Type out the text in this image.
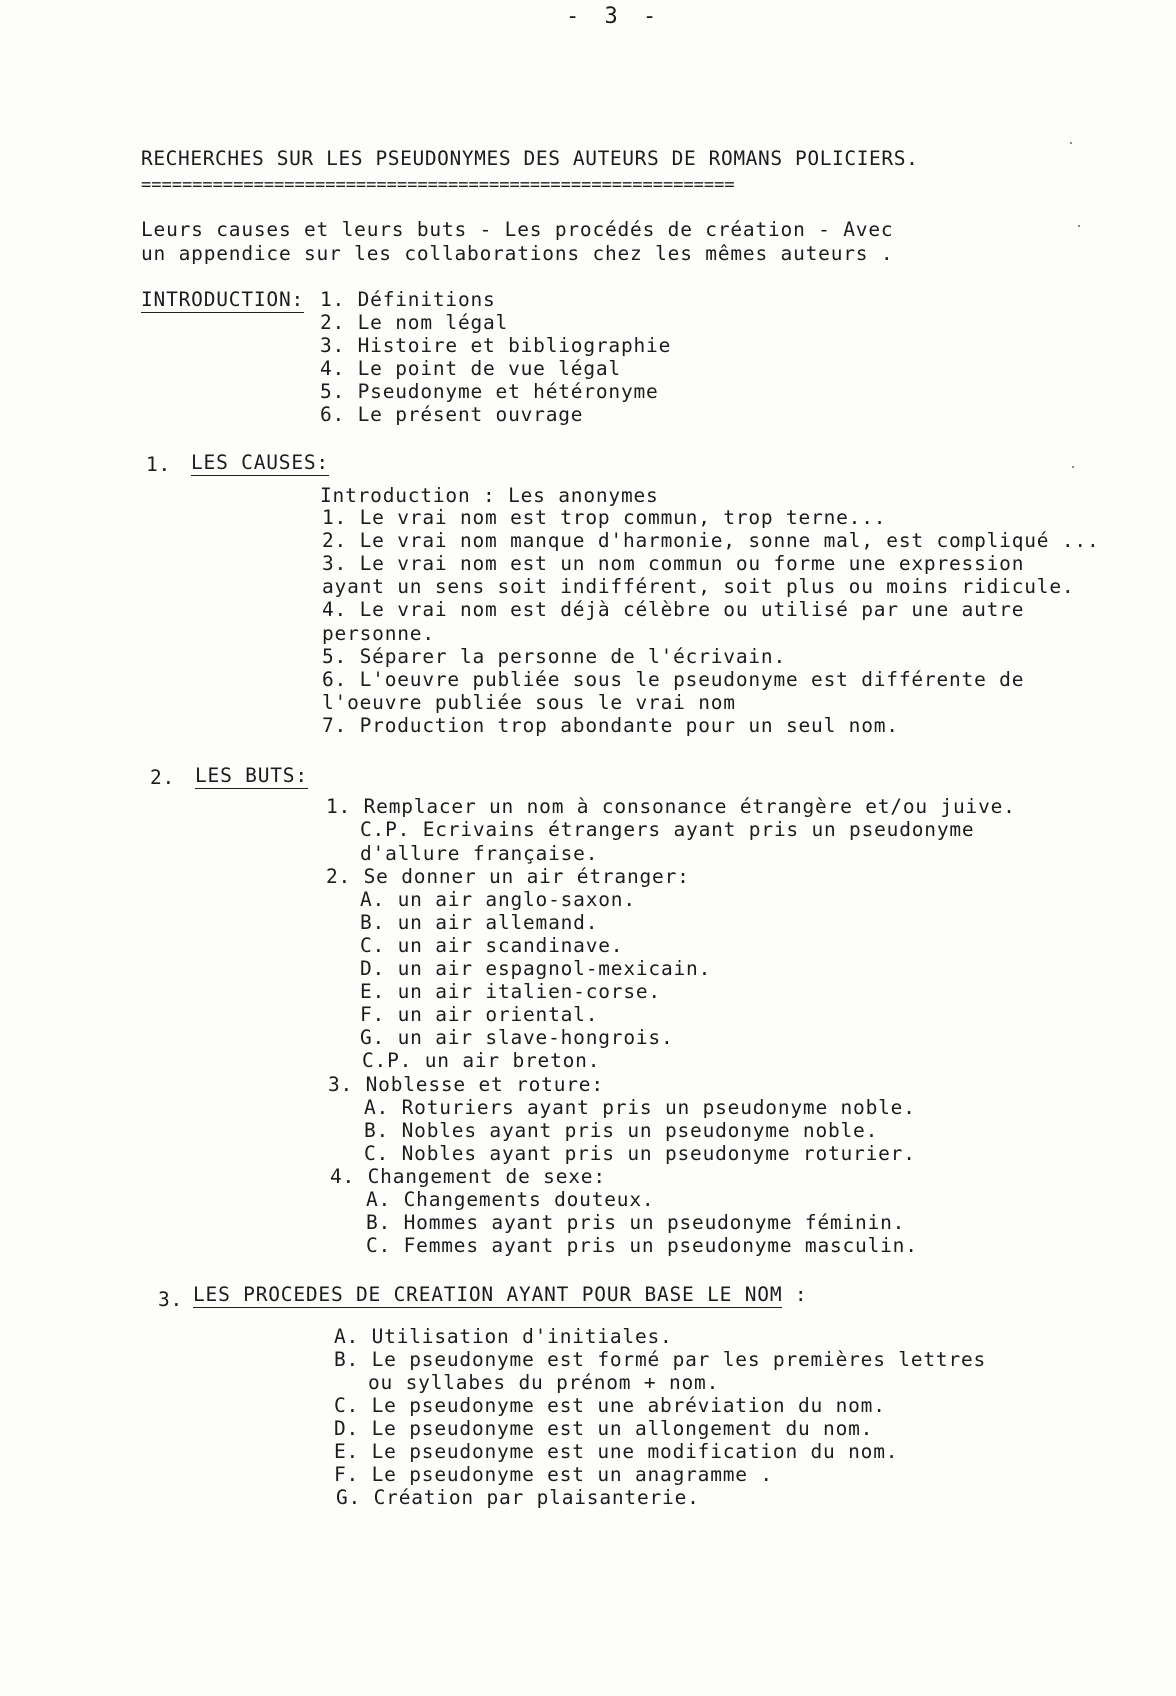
- 3 -
RECHERCHES SUR LES PSEUDONYMES DES AUTEURS DE ROMANS POLICIERS.
==========================================================
Leurs causes et leurs buts - Les procédés de création - Avec
un appendice sur les collaborations chez les mêmes auteurs .
INTRODUCTION: 1. Définitions
2. Le nom légal
3. Histoire et bibliographie
4. Le point de vue légal
5. Pseudonyme et hétéronyme
6. Le présent ouvrage
1. LES CAUSES:
Introduction : Les anonymes
1. Le vrai nom est trop commun, trop terne...
2. Le vrai nom manque d'harmonie, sonne mal, est compliqué ...
3. Le vrai nom est un nom commun ou forme une expression
ayant un sens soit indifférent, soit plus ou moins ridicule.
4. Le vrai nom est déjà célèbre ou utilisé par une autre
personne.
5. Séparer la personne de l'écrivain.
6. L'oeuvre publiée sous le pseudonyme est différente de
l'oeuvre publiée sous le vrai nom
7. Production trop abondante pour un seul nom.
2. LES BUTS:
1. Remplacer un nom à consonance étrangère et/ou juive.
C.P. Ecrivains étrangers ayant pris un pseudonyme
d'allure française.
2. Se donner un air étranger:
A. un air anglo-saxon.
B. un air allemand.
C. un air scandinave.
D. un air espagnol-mexicain.
E. un air italien-corse.
F. un air oriental.
G. un air slave-hongrois.
C.P. un air breton.
3. Noblesse et roture:
A. Roturiers ayant pris un pseudonyme noble.
B. Nobles ayant pris un pseudonyme noble.
C. Nobles ayant pris un pseudonyme roturier.
4. Changement de sexe:
A. Changements douteux.
B. Hommes ayant pris un pseudonyme féminin.
C. Femmes ayant pris un pseudonyme masculin.
3. LES PROCEDES DE CREATION AYANT POUR BASE LE NOM :
A. Utilisation d'initiales.
B. Le pseudonyme est formé par les premières lettres
ou syllabes du prénom + nom.
C. Le pseudonyme est une abréviation du nom.
D. Le pseudonyme est un allongement du nom.
E. Le pseudonyme est une modification du nom.
F. Le pseudonyme est un anagramme .
G. Création par plaisanterie.
